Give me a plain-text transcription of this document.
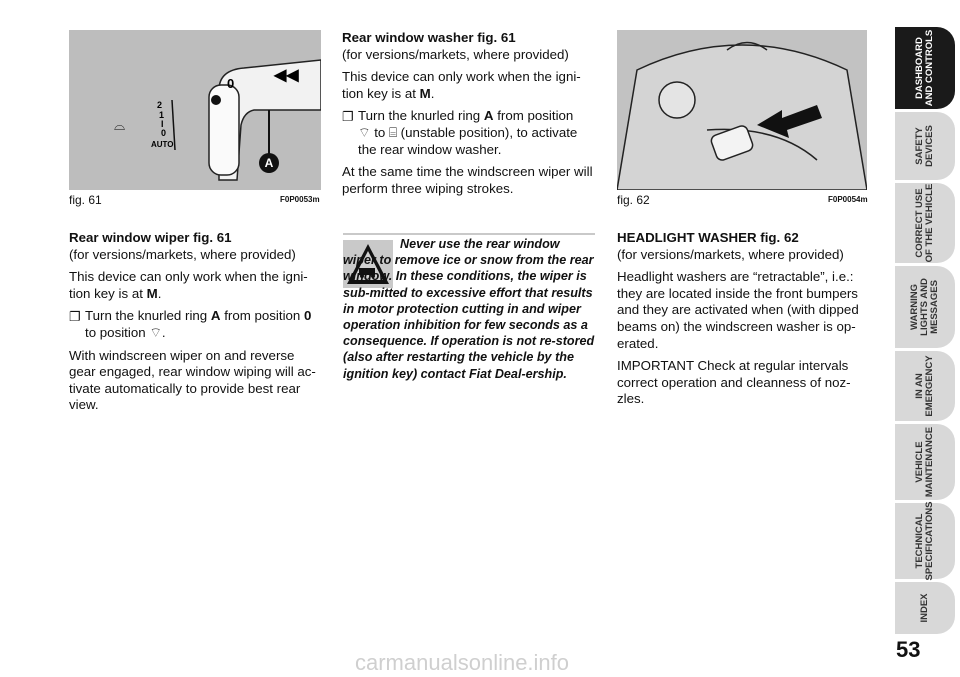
A
0
2
1
I
0
AUTO
⌓
◀◀
fig. 61	F0P0053m

Rear window wiper fig. 61
(for versions/markets, where provided)

This device can only work when the igni-tion key is at M.

❐ Turn the knurled ring A from position 0 to position ⌔.

With windscreen wiper on and reverse gear engaged, rear window wiping will ac-tivate automatically to provide best rear view.

Rear window washer fig. 61
(for versions/markets, where provided)

This device can only work when the igni-tion key is at M.

❐ Turn the knurled ring A from position
⌔ to ⌸ (unstable position), to activate the rear window washer.

At the same time the windscreen wiper will perform three wiping strokes.

Never use the rear window wiper to remove ice or snow from the rear window. In these conditions, the wiper is sub-mitted to excessive effort that results in motor protection cutting in and wiper operation inhibition for few seconds as a consequence. If operation is not re-stored (also after restarting the vehicle by the ignition key) contact Fiat Deal-ership.
fig. 62	F0P0054m

HEADLIGHT WASHER fig. 62
(for versions/markets, where provided)

Headlight washers are “retractable”, i.e.: they are located inside the front bumpers and they are activated when (with dipped beams on) the windscreen washer is op-erated.

IMPORTANT Check at regular intervals correct operation and cleanness of noz-zles.

DASHBOARD
AND CONTROLS
SAFETY
DEVICES
CORRECT USE
OF THE VEHICLE
WARNING
LIGHTS AND
MESSAGES
IN AN
EMERGENCY
VEHICLE
MAINTENANCE
TECHNICAL
SPECIFICATIONS
INDEX
53
carmanualsonline.info
